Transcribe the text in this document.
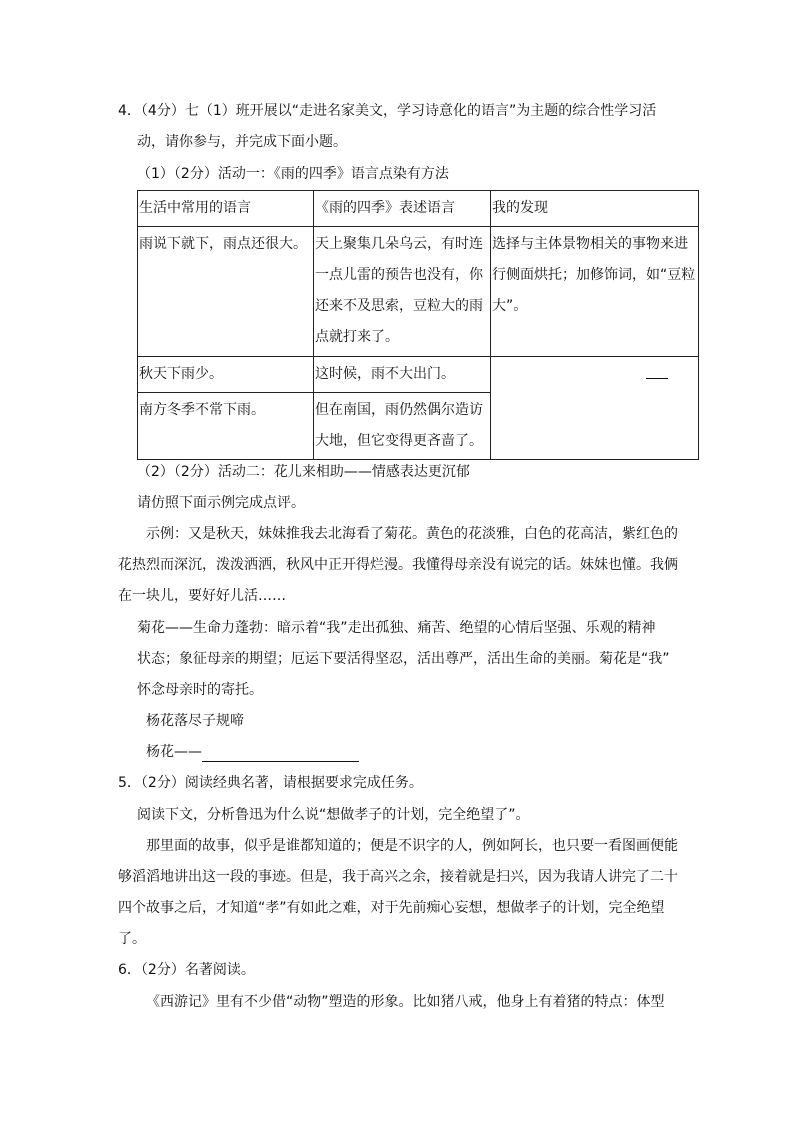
4．（4分）七（1）班开展以“走进名家美文，学习诗意化的语言”为主题的综合性学习活
动，请你参与，并完成下面小题。
（1）（2分）活动一：《雨的四季》语言点染有方法
生活中常用的语言	《雨的四季》表述语言	我的发现
雨说下就下，雨点还很大。	天上聚集几朵乌云，有时连一点儿雷的预告也没有，你还来不及思索，豆粒大的雨点就打来了。	选择与主体景物相关的事物来进行侧面烘托；加修饰词，如“豆粒大”。
秋天下雨少。	这时候，雨不大出门。	
南方冬季不常下雨。	但在南国，雨仍然偶尔造访大地，但它变得更吝啬了。	
（2）（2分）活动二：花儿来相助——情感表达更沉郁
请仿照下面示例完成点评。
示例：又是秋天，妹妹推我去北海看了菊花。黄色的花淡雅，白色的花高洁，紫红色的
花热烈而深沉，泼泼洒洒，秋风中正开得烂漫。我懂得母亲没有说完的话。妹妹也懂。我俩
在一块儿，要好好儿活……
菊花——生命力蓬勃：暗示着“我”走出孤独、痛苦、绝望的心情后坚强、乐观的精神
状态；象征母亲的期望；厄运下要活得坚忍，活出尊严，活出生命的美丽。菊花是“我”
怀念母亲时的寄托。
杨花落尽子规啼
杨花——
5．（2分）阅读经典名著，请根据要求完成任务。
阅读下文，分析鲁迅为什么说“想做孝子的计划，完全绝望了”。
那里面的故事，似乎是谁都知道的；便是不识字的人，例如阿长，也只要一看图画便能
够滔滔地讲出这一段的事迹。但是，我于高兴之余，接着就是扫兴，因为我请人讲完了二十
四个故事之后，才知道“孝”有如此之难，对于先前痴心妄想，想做孝子的计划，完全绝望
了。
6．（2分）名著阅读。
《西游记》里有不少借“动物”塑造的形象。比如猪八戒，他身上有着猪的特点：体型
